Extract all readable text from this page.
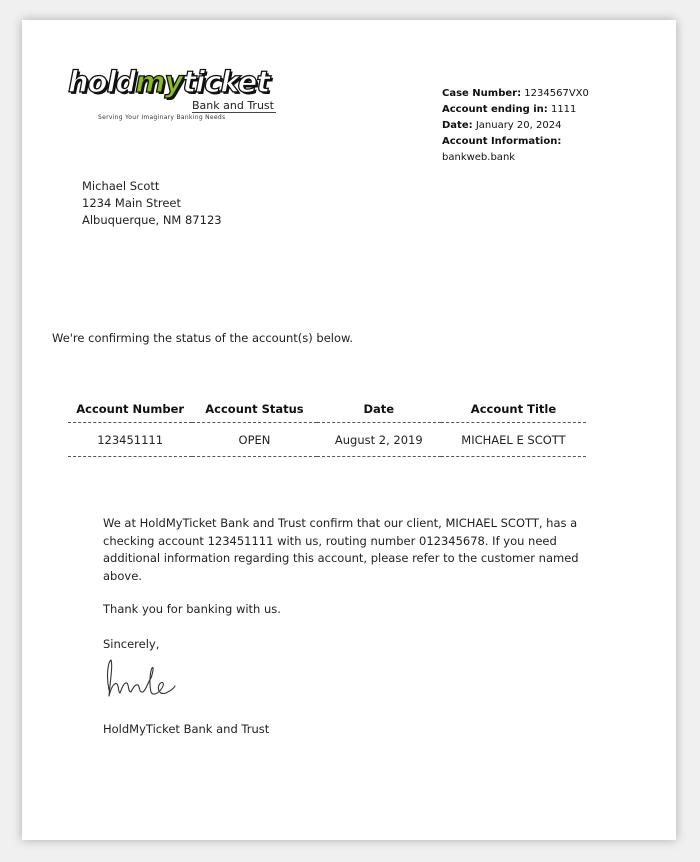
holdmyticket
Bank and Trust
Serving Your Imaginary Banking Needs
Case Number: 1234567VX0
Account ending in: 1111
Date: January 20, 2024
Account Information:
bankweb.bank
Michael Scott
1234 Main Street
Albuquerque, NM 87123
We're confirming the status of the account(s) below.
Account Number	Account Status	Date	Account Title
123451111	OPEN	August 2, 2019	MICHAEL E SCOTT
We at HoldMyTicket Bank and Trust confirm that our client, MICHAEL SCOTT, has a checking account 123451111 with us, routing number 012345678. If you need additional information regarding this account, please refer to the customer named above.
Thank you for banking with us.
Sincerely,
HoldMyTicket Bank and Trust
